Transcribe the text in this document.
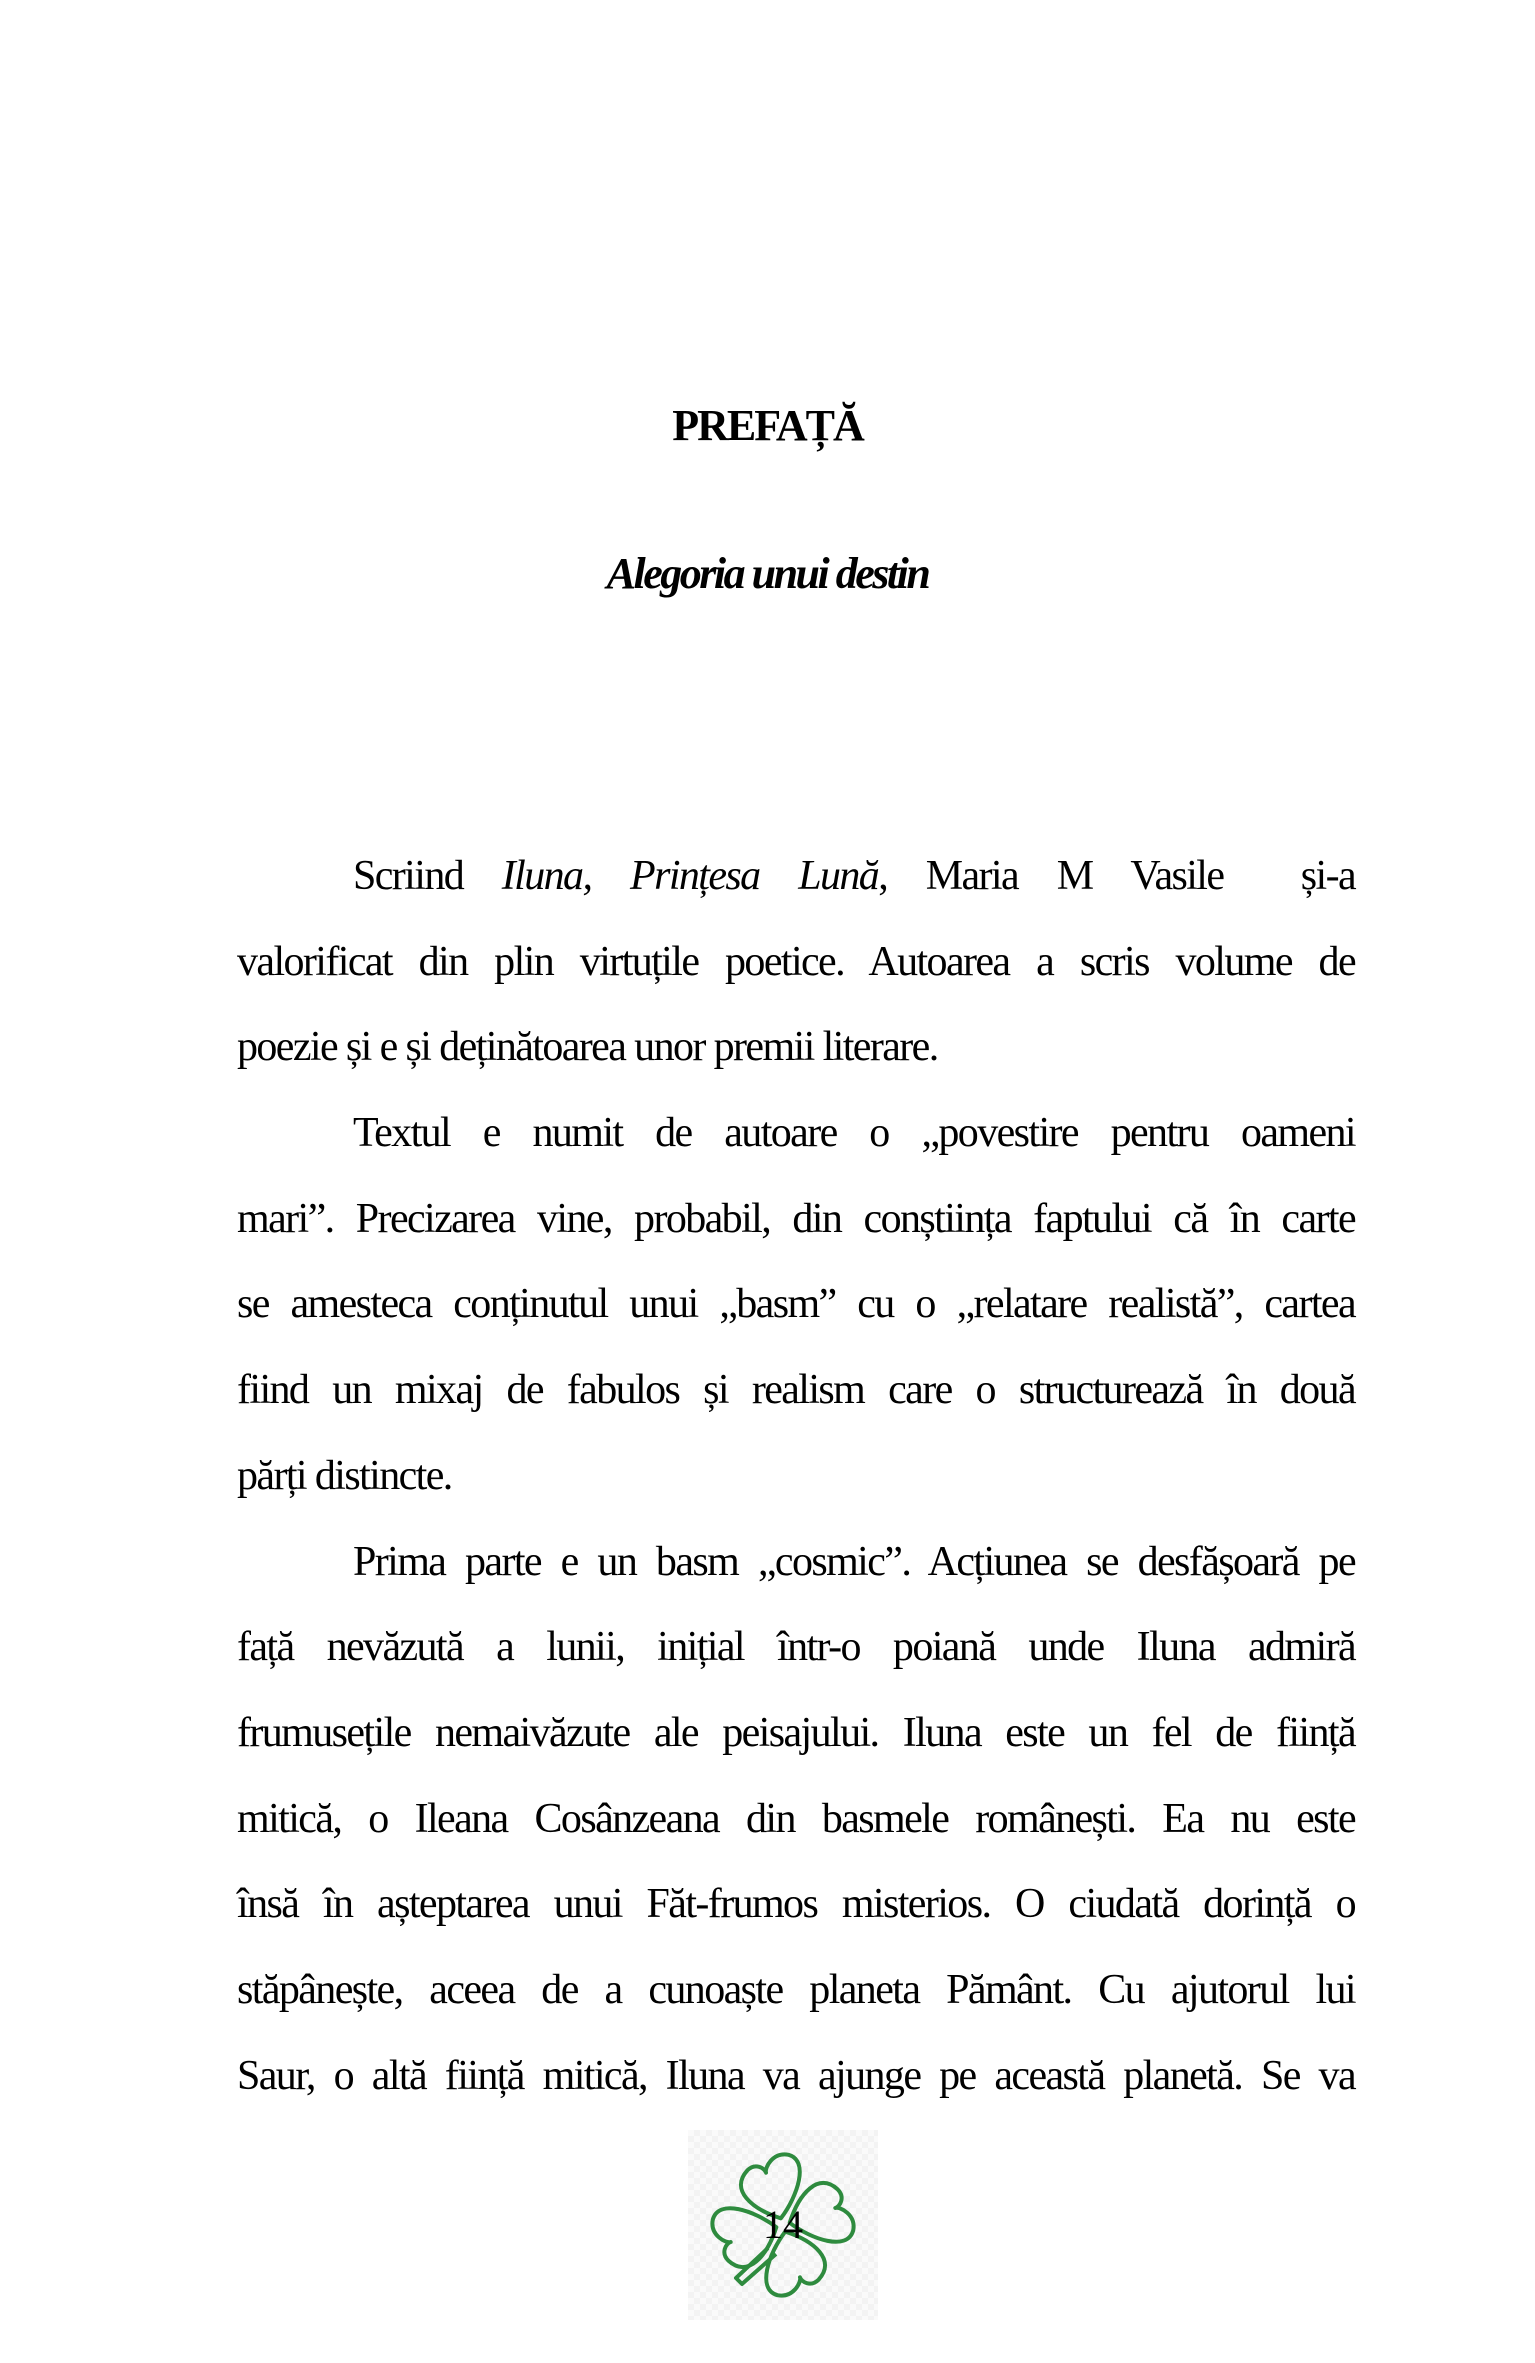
PREFAȚĂ
Alegoria unui destin
Scriind Iluna, Prințesa Lună, Maria M Vasile  și-a
valorificat din plin virtuțile poetice. Autoarea a scris volume de
poezie și e și deținătoarea unor premii literare.
Textul e numit de autoare o „povestire pentru oameni
mari”. Precizarea vine, probabil, din conștiința faptului că în carte
se amesteca conținutul unui „basm” cu o „relatare realistă”, cartea
fiind un mixaj de fabulos și realism care o structurează în două
părți distincte.
Prima parte e un basm „cosmic”. Acțiunea se desfășoară pe
față nevăzută a lunii, inițial într-o poiană unde Iluna admiră
frumusețile nemaivăzute ale peisajului. Iluna este un fel de ființă
mitică, o Ileana Cosânzeana din basmele românești. Ea nu este
însă în așteptarea unui Făt-frumos misterios. O ciudată dorință o
stăpânește, aceea de a cunoaște planeta Pământ. Cu ajutorul lui
Saur, o altă ființă mitică, Iluna va ajunge pe această planetă. Se va
14
